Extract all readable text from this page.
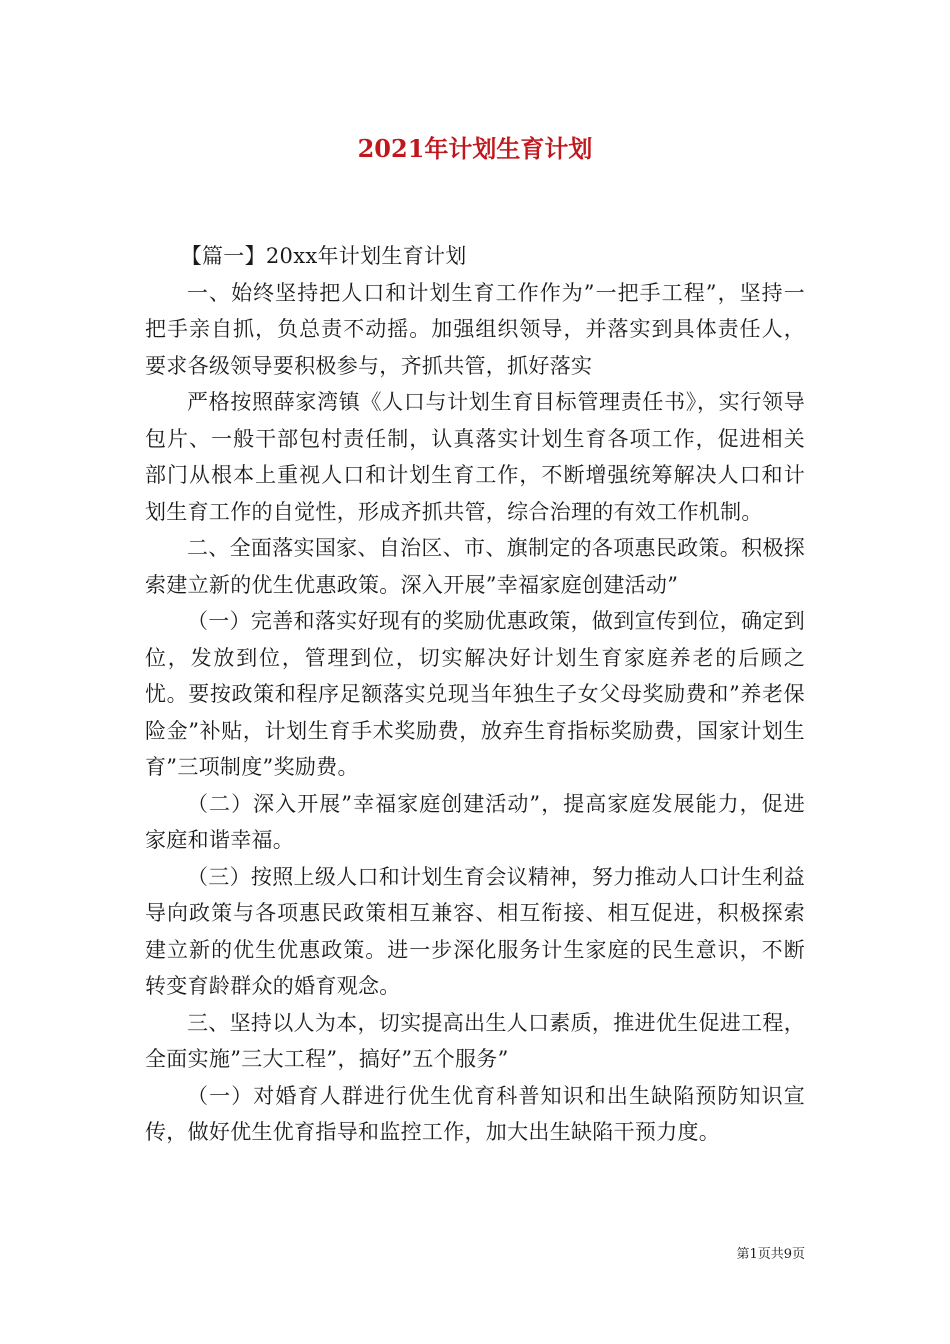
2021年计划生育计划

【篇一】20xx年计划生育计划

一、始终坚持把人口和计划生育工作作为”一把手工程”，坚持一把手亲自抓，负总责不动摇。加强组织领导，并落实到具体责任人，要求各级领导要积极参与，齐抓共管，抓好落实

严格按照薛家湾镇《人口与计划生育目标管理责任书》，实行领导包片、一般干部包村责任制，认真落实计划生育各项工作，促进相关部门从根本上重视人口和计划生育工作，不断增强统筹解决人口和计划生育工作的自觉性，形成齐抓共管，综合治理的有效工作机制。

二、全面落实国家、自治区、市、旗制定的各项惠民政策。积极探索建立新的优生优惠政策。深入开展”幸福家庭创建活动”

（一）完善和落实好现有的奖励优惠政策，做到宣传到位，确定到位，发放到位，管理到位，切实解决好计划生育家庭养老的后顾之忧。要按政策和程序足额落实兑现当年独生子女父母奖励费和”养老保险金”补贴，计划生育手术奖励费，放弃生育指标奖励费，国家计划生育”三项制度”奖励费。

（二）深入开展”幸福家庭创建活动”，提高家庭发展能力，促进家庭和谐幸福。

（三）按照上级人口和计划生育会议精神，努力推动人口计生利益导向政策与各项惠民政策相互兼容、相互衔接、相互促进，积极探索建立新的优生优惠政策。进一步深化服务计生家庭的民生意识，不断转变育龄群众的婚育观念。

三、坚持以人为本，切实提高出生人口素质，推进优生促进工程，全面实施”三大工程”，搞好”五个服务”

（一）对婚育人群进行优生优育科普知识和出生缺陷预防知识宣传，做好优生优育指导和监控工作，加大出生缺陷干预力度。

第1页共9页
